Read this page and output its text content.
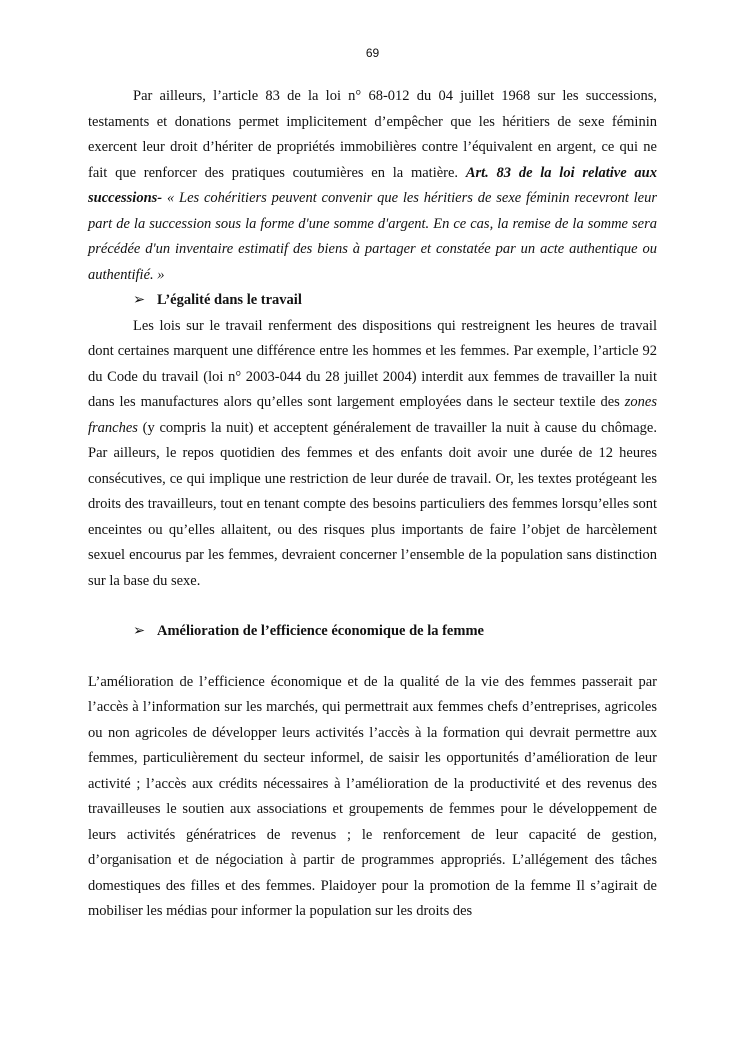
69

Par ailleurs, l’article 83 de la loi n° 68-012 du 04 juillet 1968 sur les successions, testaments et donations permet implicitement d’empêcher que les héritiers de sexe féminin exercent leur droit d’hériter de propriétés immobilières contre l’équivalent en argent, ce qui ne fait que renforcer des pratiques coutumières en la matière. Art. 83 de la loi relative aux successions- « Les cohéritiers peuvent convenir que les héritiers de sexe féminin recevront leur part de la succession sous la forme d'une somme d'argent. En ce cas, la remise de la somme sera précédée d'un inventaire estimatif des biens à partager et constatée par un acte authentique ou authentifié. »

➢ L’égalité dans le travail

Les lois sur le travail renferment des dispositions qui restreignent les heures de travail dont certaines marquent une différence entre les hommes et les femmes. Par exemple, l’article 92 du Code du travail (loi n° 2003-044 du 28 juillet 2004) interdit aux femmes de travailler la nuit dans les manufactures alors qu’elles sont largement employées dans le secteur textile des zones franches (y compris la nuit) et acceptent généralement de travailler la nuit à cause du chômage. Par ailleurs, le repos quotidien des femmes et des enfants doit avoir une durée de 12 heures consécutives, ce qui implique une restriction de leur durée de travail. Or, les textes protégeant les droits des travailleurs, tout en tenant compte des besoins particuliers des femmes lorsqu’elles sont enceintes ou qu’elles allaitent, ou des risques plus importants de faire l’objet de harcèlement sexuel encourus par les femmes, devraient concerner l’ensemble de la population sans distinction sur la base du sexe.

➢ Amélioration de l’efficience économique de la femme

L’amélioration de l’efficience économique et de la qualité de la vie des femmes passerait par l’accès à l’information sur les marchés, qui permettrait aux femmes chefs d’entreprises, agricoles ou non agricoles de développer leurs activités l’accès à la formation qui devrait permettre aux femmes, particulièrement du secteur informel, de saisir les opportunités d’amélioration de leur activité ; l’accès aux crédits nécessaires à l’amélioration de la productivité et des revenus des travailleuses le soutien aux associations et groupements de femmes pour le développement de leurs activités génératrices de revenus ; le renforcement de leur capacité de gestion, d’organisation et de négociation à partir de programmes appropriés. L’allégement des tâches domestiques des filles et des femmes. Plaidoyer pour la promotion de la femme Il s’agirait de mobiliser les médias pour informer la population sur les droits des
